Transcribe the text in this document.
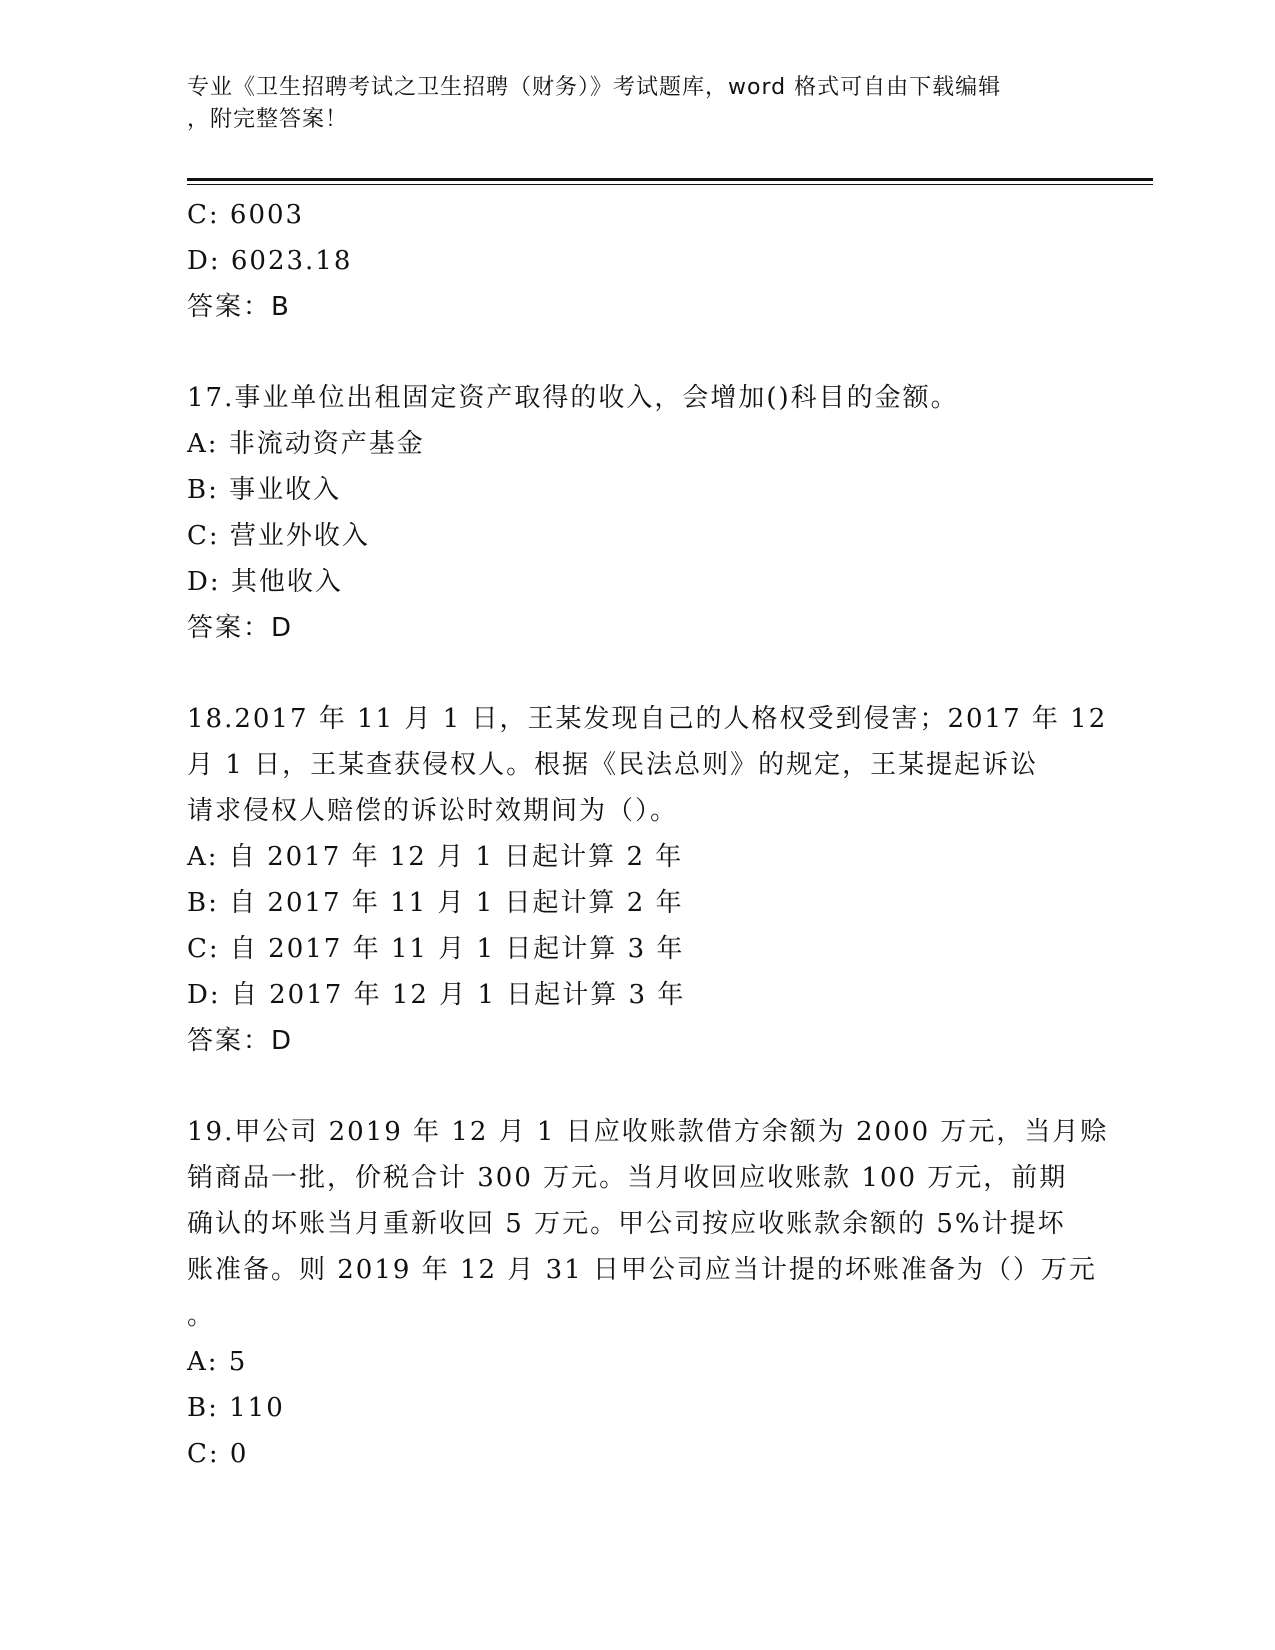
专业《卫生招聘考试之卫生招聘（财务）》考试题库，word 格式可自由下载编辑
，附完整答案！
C: 6003
D: 6023.18
答案：B
17.事业单位出租固定资产取得的收入，会增加()科目的金额。
A: 非流动资产基金
B: 事业收入
C: 营业外收入
D: 其他收入
答案：D
18.2017 年 11 月 1 日，王某发现自己的人格权受到侵害；2017 年 12
月 1 日，王某查获侵权人。根据《民法总则》的规定，王某提起诉讼
请求侵权人赔偿的诉讼时效期间为（）。
A: 自 2017 年 12 月 1 日起计算 2 年
B: 自 2017 年 11 月 1 日起计算 2 年
C: 自 2017 年 11 月 1 日起计算 3 年
D: 自 2017 年 12 月 1 日起计算 3 年
答案：D
19.甲公司 2019 年 12 月 1 日应收账款借方余额为 2000 万元，当月赊
销商品一批，价税合计 300 万元。当月收回应收账款 100 万元，前期
确认的坏账当月重新收回 5 万元。甲公司按应收账款余额的 5%计提坏
账准备。则 2019 年 12 月 31 日甲公司应当计提的坏账准备为（）万元
。
A: 5
B: 110
C: 0
